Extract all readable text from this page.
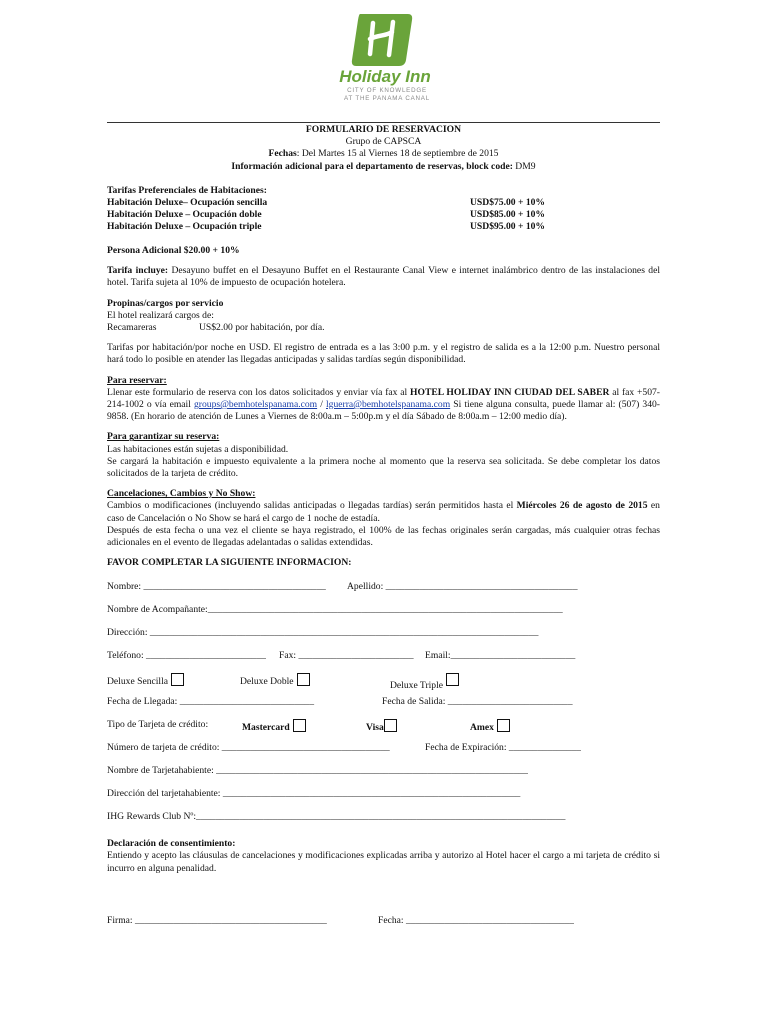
Holiday Inn
CITY OF KNOWLEDGE
AT THE PANAMA CANAL

FORMULARIO DE RESERVACION

Grupo de CAPSCA

Fechas: Del Martes 15 al Viernes 18 de septiembre de 2015

Información adicional para el departamento de reservas, block code: DM9

Tarifas Preferenciales de Habitaciones:

Habitación Deluxe– Ocupación sencilla	USD$75.00 + 10%
Habitación Deluxe – Ocupación doble	USD$85.00 + 10%
Habitación Deluxe – Ocupación triple	USD$95.00 + 10%

Persona Adicional $20.00 + 10%

Tarifa incluye: Desayuno buffet en el Desayuno Buffet en el Restaurante Canal View e internet inalámbrico dentro de las instalaciones del hotel. Tarifa sujeta al 10% de impuesto de ocupación hotelera.

Propinas/cargos por servicio

El hotel realizará cargos de:

Recamareras	US$2.00 por habitación, por día.

Tarifas por habitación/por noche en USD. El registro de entrada es a las 3:00 p.m. y el registro de salida es a la 12:00 p.m. Nuestro personal hará todo lo posible en atender las llegadas anticipadas y salidas tardías según disponibilidad.

Para reservar:

Llenar este formulario de reserva con los datos solicitados y enviar vía fax al HOTEL HOLIDAY INN CIUDAD DEL SABER al fax +507-214-1002 o vía email groups@bemhotelspanama.com / lguerra@bemhotelspanama.com Si tiene alguna consulta, puede llamar al: (507) 340-9858. (En horario de atención de Lunes a Viernes de 8:00a.m – 5:00p.m y el día Sábado de 8:00a.m – 12:00 medio día).

Para garantizar su reserva:

Las habitaciones están sujetas a disponibilidad.

Se cargará la habitación e impuesto equivalente a la primera noche al momento que la reserva sea solicitada. Se debe completar los datos solicitados de la tarjeta de crédito.

Cancelaciones, Cambios y No Show:

Cambios o modificaciones (incluyendo salidas anticipadas o llegadas tardías) serán permitidos hasta el Miércoles 26 de agosto de 2015 en caso de Cancelación o No Show se hará el cargo de 1 noche de estadía.

Después de esta fecha o una vez el cliente se haya registrado, el 100% de las fechas originales serán cargadas, más cualquier otras fechas adicionales en el evento de llegadas adelantadas o salidas extendidas.

FAVOR COMPLETAR LA SIGUIENTE INFORMACION:

Nombre: ______________________________________ Apellido: ________________________________________
Nombre de Acompañante:__________________________________________________________________________
Dirección: _________________________________________________________________________________
Teléfono: _________________________ Fax: ________________________ Email:__________________________
Deluxe Sencilla	Deluxe Doble	Deluxe Triple
Fecha de Llegada: ____________________________	Fecha de Salida: __________________________
Tipo de Tarjeta de crédito:	Mastercard	Visa	Amex
Número de tarjeta de crédito: ___________________________________	Fecha de Expiración: _______________
Nombre de Tarjetahabiente: _________________________________________________________________
Dirección del tarjetahabiente: ______________________________________________________________
IHG Rewards Club Nº:_____________________________________________________________________________

Declaración de consentimiento:

Entiendo y acepto las cláusulas de cancelaciones y modificaciones explicadas arriba y autorizo al Hotel hacer el cargo a mi tarjeta de crédito si incurro en alguna penalidad.

Firma: ________________________________________	Fecha: ___________________________________
